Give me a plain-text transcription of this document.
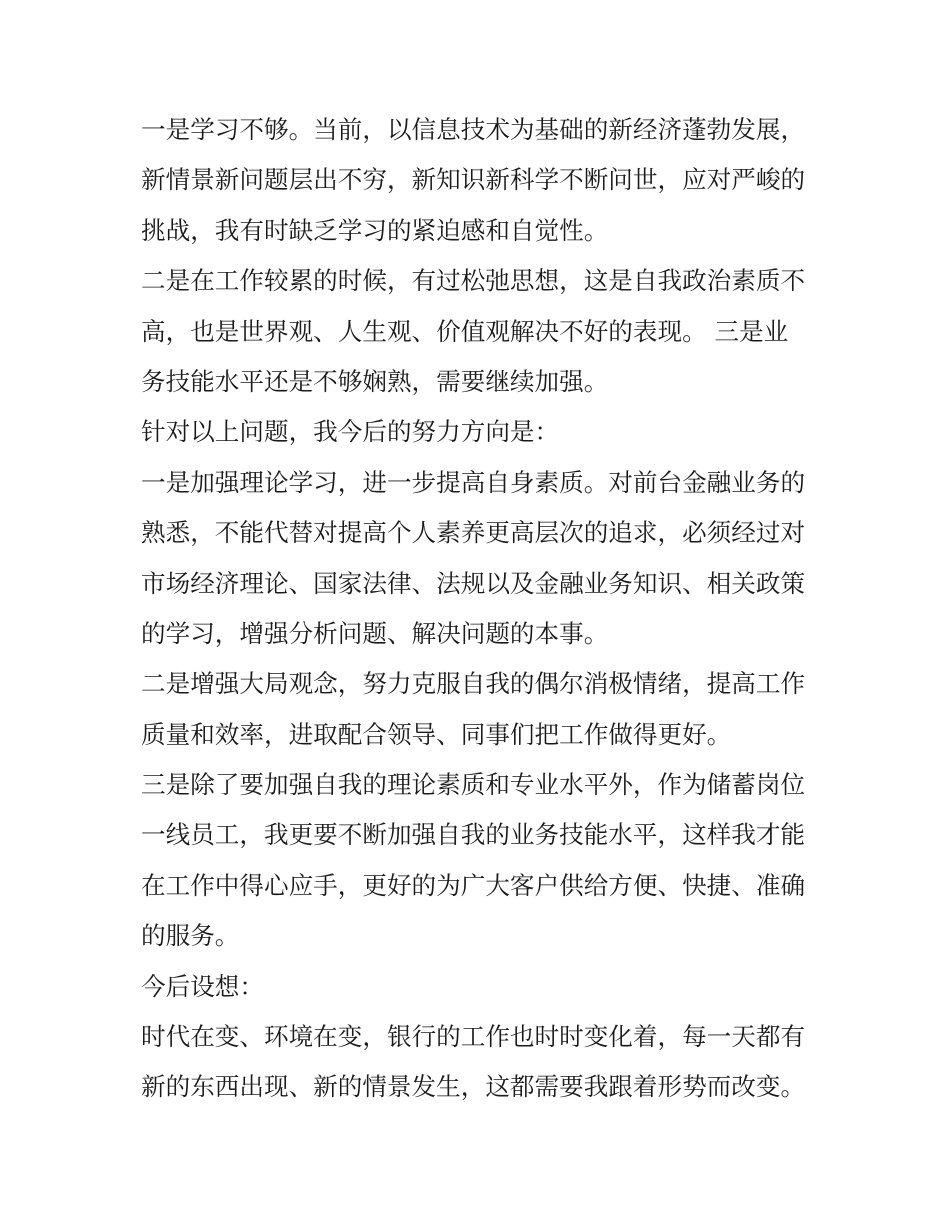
一是学习不够。当前，以信息技术为基础的新经济蓬勃发展，
新情景新问题层出不穷，新知识新科学不断问世，应对严峻的
挑战，我有时缺乏学习的紧迫感和自觉性。
二是在工作较累的时候，有过松弛思想，这是自我政治素质不
高，也是世界观、人生观、价值观解决不好的表现。 三是业
务技能水平还是不够娴熟，需要继续加强。
针对以上问题，我今后的努力方向是：
一是加强理论学习，进一步提高自身素质。对前台金融业务的
熟悉，不能代替对提高个人素养更高层次的追求，必须经过对
市场经济理论、国家法律、法规以及金融业务知识、相关政策
的学习，增强分析问题、解决问题的本事。
二是增强大局观念，努力克服自我的偶尔消极情绪，提高工作
质量和效率，进取配合领导、同事们把工作做得更好。
三是除了要加强自我的理论素质和专业水平外，作为储蓄岗位
一线员工，我更要不断加强自我的业务技能水平，这样我才能
在工作中得心应手，更好的为广大客户供给方便、快捷、准确
的服务。
今后设想：
时代在变、环境在变，银行的工作也时时变化着，每一天都有
新的东西出现、新的情景发生，这都需要我跟着形势而改变。
